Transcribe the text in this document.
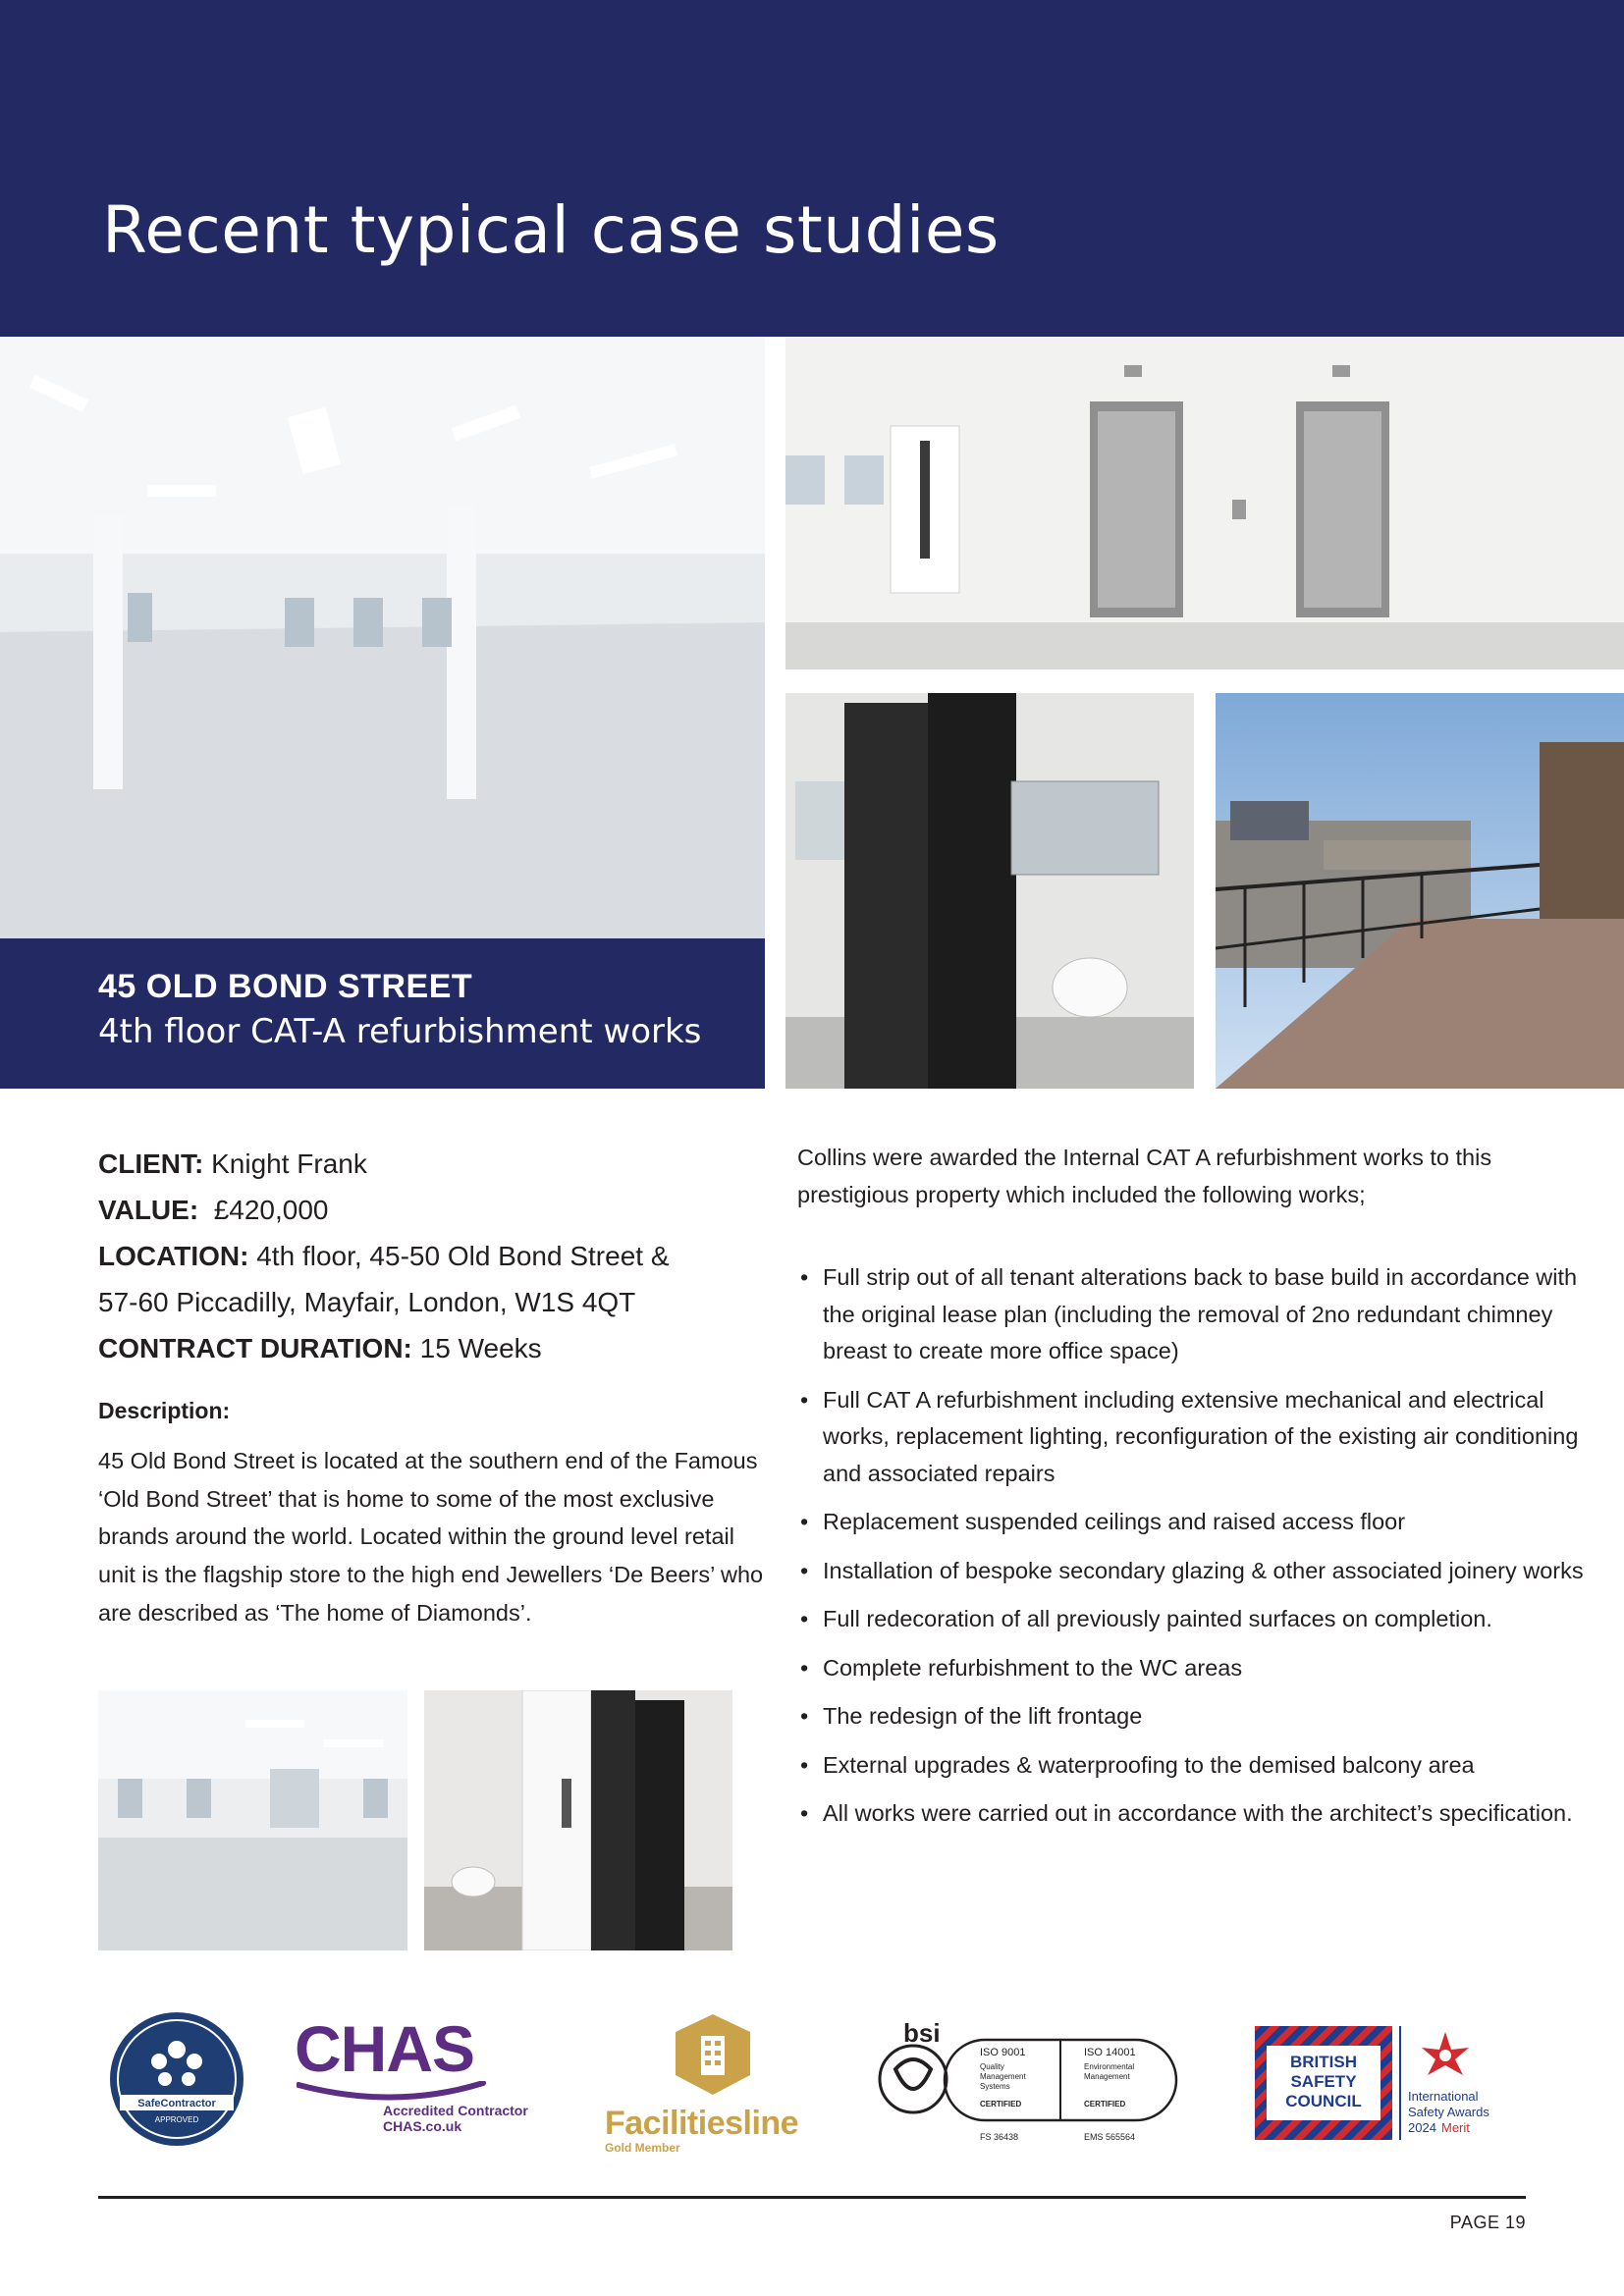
Recent typical case studies
45 OLD BOND STREET
4th floor CAT-A refurbishment works
CLIENT: Knight Frank
VALUE: £420,000
LOCATION: 4th floor, 45-50 Old Bond Street &
57-60 Piccadilly, Mayfair, London, W1S 4QT
CONTRACT DURATION: 15 Weeks
Description:
45 Old Bond Street is located at the southern end of the Famous ‘Old Bond Street’ that is home to some of the most exclusive brands around the world. Located within the ground level retail unit is the flagship store to the high end Jewellers ‘De Beers’ who are described as ‘The home of Diamonds’.
Collins were awarded the Internal CAT A refurbishment works to this prestigious property which included the following works;
• Full strip out of all tenant alterations back to base build in accordance with the original lease plan (including the removal of 2no redundant chimney breast to create more office space)
• Full CAT A refurbishment including extensive mechanical and electrical works, replacement lighting, reconfiguration of the existing air conditioning and associated repairs
• Replacement suspended ceilings and raised access floor
• Installation of bespoke secondary glazing & other associated joinery works
• Full redecoration of all previously painted surfaces on completion.
• Complete refurbishment to the WC areas
• The redesign of the lift frontage
• External upgrades & waterproofing to the demised balcony area
• All works were carried out in accordance with the architect’s specification.
SafeContractor
APPROVED
CHAS
Accredited Contractor
CHAS.co.uk	Facilitiesline
Gold Member
bsi
ISO 9001
Quality
Management
Systems
CERTIFIED
FS 36438
ISO 14001
Environmental
Management
CERTIFIED
EMS 565564
BRITISH
SAFETY
COUNCIL	International
Safety Awards
2024 Merit
PAGE 19
